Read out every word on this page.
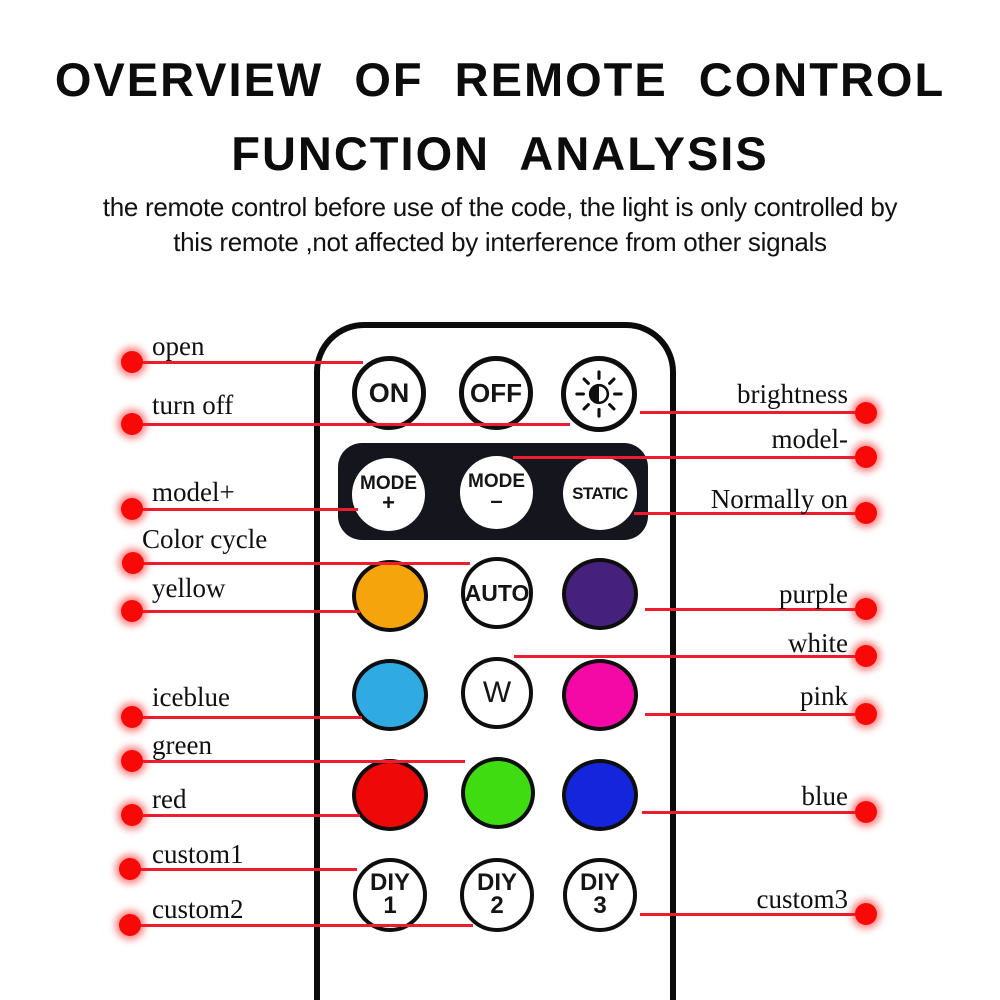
OVERVIEW OF REMOTE CONTROL
FUNCTION ANALYSIS
the remote control before use of the code, the light is only controlled by
this remote ,not affected by interference from other signals
ON OFF
MODE
+
MODE
–	STATIC
AUTO
W
DIY
1
DIY
2
DIY
3
open
turn off
model+
Color cycle
yellow
iceblue
green
red
custom1
custom2
brightness
model-
Normally on
purple
white
pink
blue
custom3
